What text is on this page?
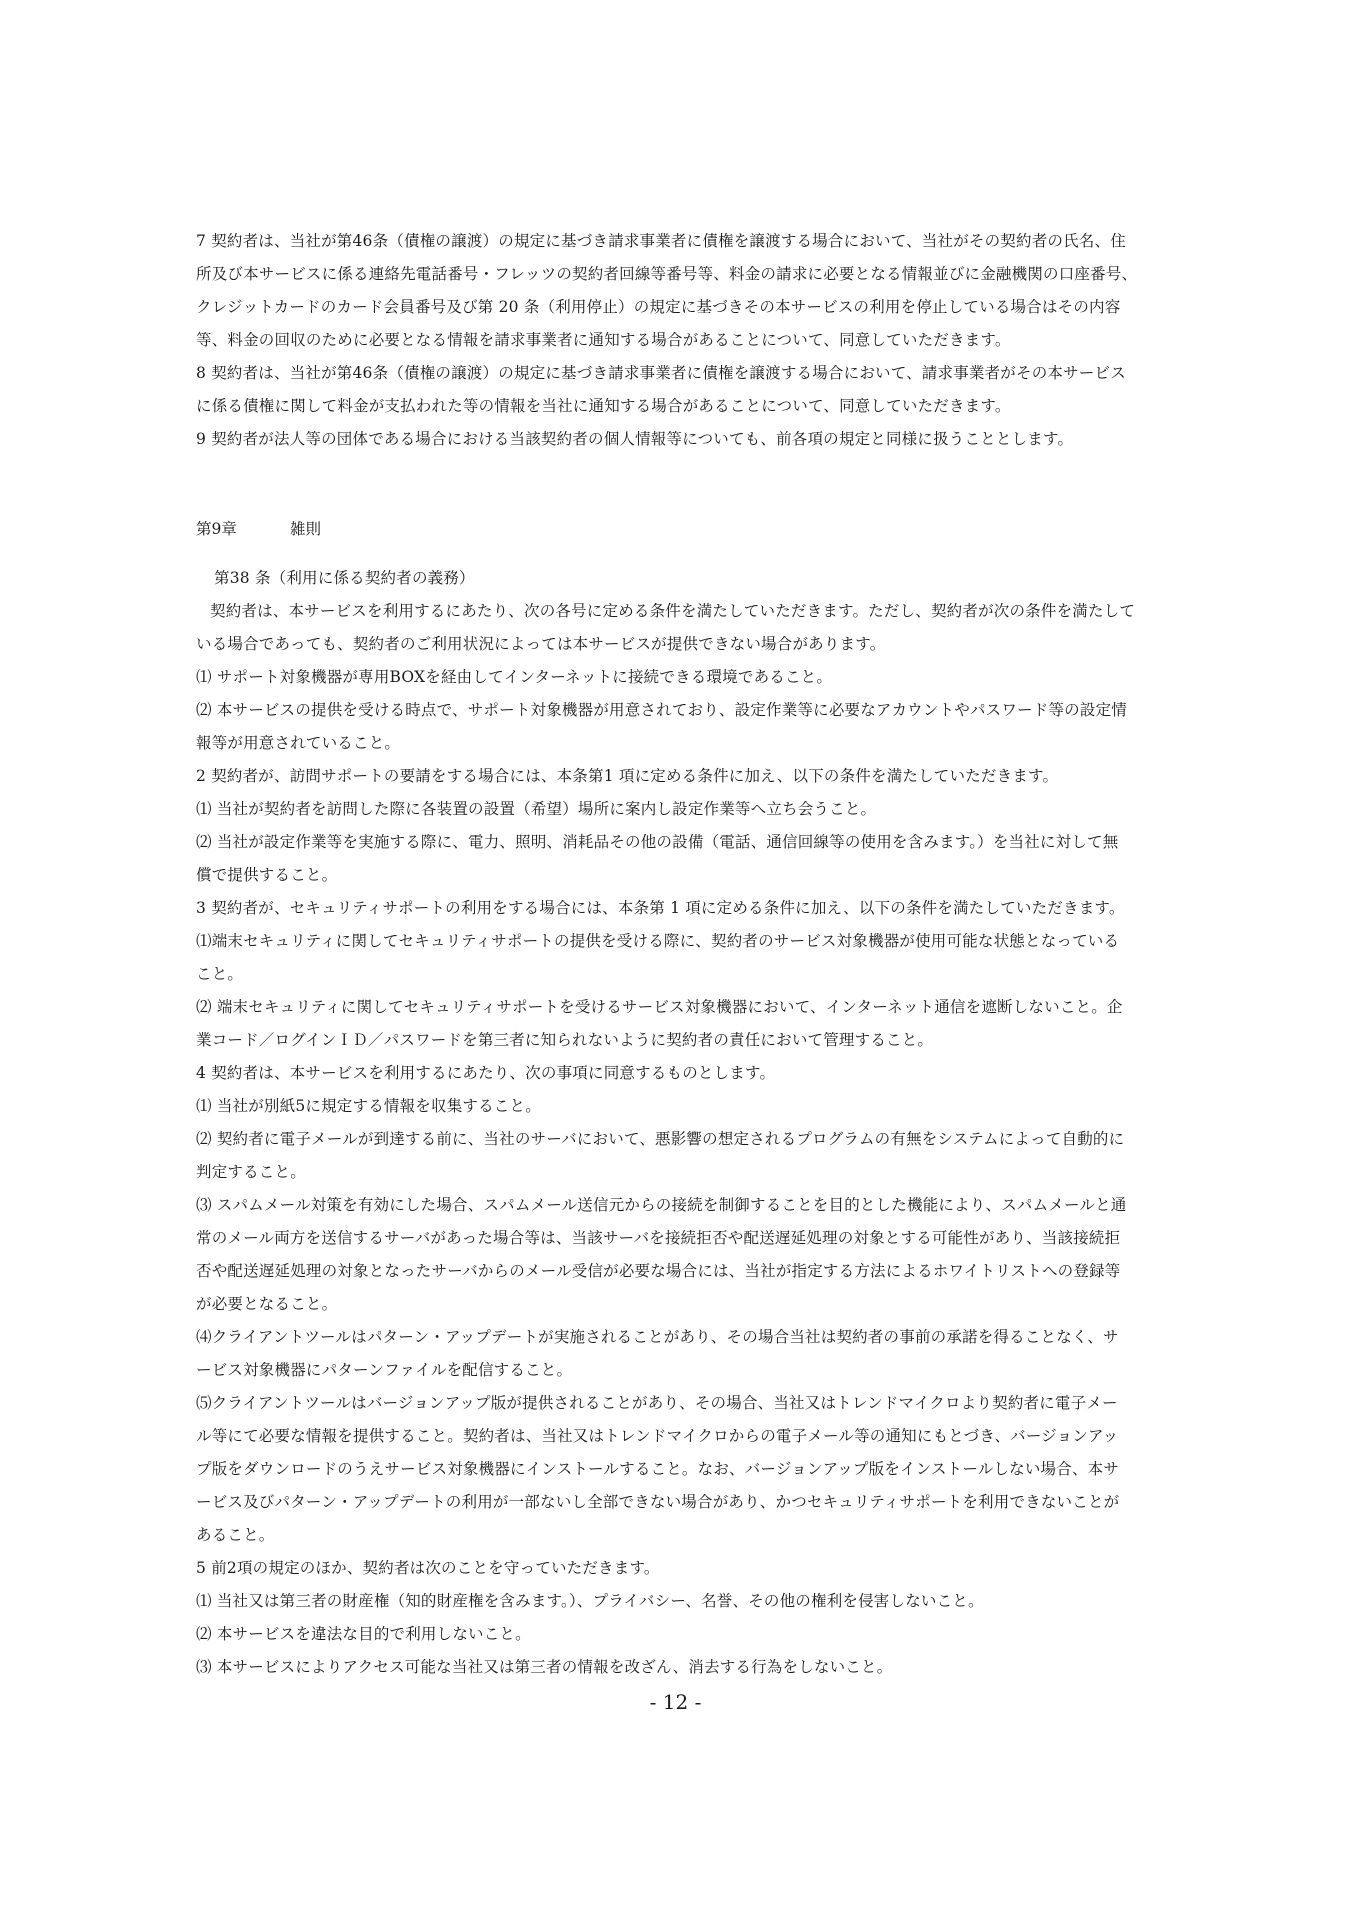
7 契約者は、当社が第46条（債権の譲渡）の規定に基づき請求事業者に債権を譲渡する場合において、当社がその契約者の氏名、住
所及び本サービスに係る連絡先電話番号・フレッツの契約者回線等番号等、料金の請求に必要となる情報並びに金融機関の口座番号、
クレジットカードのカード会員番号及び第 20 条（利用停止）の規定に基づきその本サービスの利用を停止している場合はその内容
等、料金の回収のために必要となる情報を請求事業者に通知する場合があることについて、同意していただきます。
8 契約者は、当社が第46条（債権の譲渡）の規定に基づき請求事業者に債権を譲渡する場合において、請求事業者がその本サービス
に係る債権に関して料金が支払われた等の情報を当社に通知する場合があることについて、同意していただきます。
9 契約者が法人等の団体である場合における当該契約者の個人情報等についても、前各項の規定と同様に扱うこととします。
第9章	雑則
第38 条（利用に係る契約者の義務）
契約者は、本サービスを利用するにあたり、次の各号に定める条件を満たしていただきます。ただし、契約者が次の条件を満たして
いる場合であっても、契約者のご利用状況によっては本サービスが提供できない場合があります。
⑴ サポート対象機器が専用BOXを経由してインターネットに接続できる環境であること。
⑵ 本サービスの提供を受ける時点で、サポート対象機器が用意されており、設定作業等に必要なアカウントやパスワード等の設定情
報等が用意されていること。
2 契約者が、訪問サポートの要請をする場合には、本条第1 項に定める条件に加え、以下の条件を満たしていただきます。
⑴ 当社が契約者を訪問した際に各装置の設置（希望）場所に案内し設定作業等へ立ち会うこと。
⑵ 当社が設定作業等を実施する際に、電力、照明、消耗品その他の設備（電話、通信回線等の使用を含みます。）を当社に対して無
償で提供すること。
3 契約者が、セキュリティサポートの利用をする場合には、本条第 1 項に定める条件に加え、以下の条件を満たしていただきます。
⑴端末セキュリティに関してセキュリティサポートの提供を受ける際に、契約者のサービス対象機器が使用可能な状態となっている
こと。
⑵ 端末セキュリティに関してセキュリティサポートを受けるサービス対象機器において、インターネット通信を遮断しないこと。企
業コード／ログインＩＤ／パスワードを第三者に知られないように契約者の責任において管理すること。
4 契約者は、本サービスを利用するにあたり、次の事項に同意するものとします。
⑴ 当社が別紙5に規定する情報を収集すること。
⑵ 契約者に電子メールが到達する前に、当社のサーバにおいて、悪影響の想定されるプログラムの有無をシステムによって自動的に
判定すること。
⑶ スパムメール対策を有効にした場合、スパムメール送信元からの接続を制御することを目的とした機能により、スパムメールと通
常のメール両方を送信するサーバがあった場合等は、当該サーバを接続拒否や配送遅延処理の対象とする可能性があり、当該接続拒
否や配送遅延処理の対象となったサーバからのメール受信が必要な場合には、当社が指定する方法によるホワイトリストへの登録等
が必要となること。
⑷クライアントツールはパターン・アップデートが実施されることがあり、その場合当社は契約者の事前の承諾を得ることなく、サ
ービス対象機器にパターンファイルを配信すること。
⑸クライアントツールはバージョンアップ版が提供されることがあり、その場合、当社又はトレンドマイクロより契約者に電子メー
ル等にて必要な情報を提供すること。契約者は、当社又はトレンドマイクロからの電子メール等の通知にもとづき、バージョンアッ
プ版をダウンロードのうえサービス対象機器にインストールすること。なお、バージョンアップ版をインストールしない場合、本サ
ービス及びパターン・アップデートの利用が一部ないし全部できない場合があり、かつセキュリティサポートを利用できないことが
あること。
5 前2項の規定のほか、契約者は次のことを守っていただきます。
⑴ 当社又は第三者の財産権（知的財産権を含みます。）、プライバシー、名誉、その他の権利を侵害しないこと。
⑵ 本サービスを違法な目的で利用しないこと。
⑶ 本サービスによりアクセス可能な当社又は第三者の情報を改ざん、消去する行為をしないこと。
- 12 -
